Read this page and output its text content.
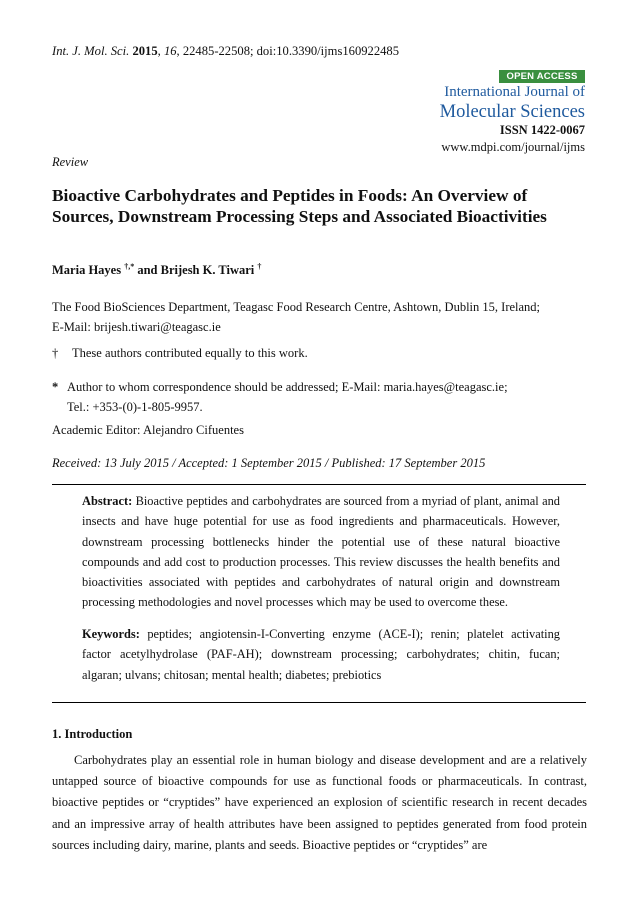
Int. J. Mol. Sci. 2015, 16, 22485-22508; doi:10.3390/ijms160922485
OPEN ACCESS
International Journal of
Molecular Sciences
ISSN 1422-0067
www.mdpi.com/journal/ijms
Review
Bioactive Carbohydrates and Peptides in Foods: An Overview of Sources, Downstream Processing Steps and Associated Bioactivities
Maria Hayes †,* and Brijesh K. Tiwari †
The Food BioSciences Department, Teagasc Food Research Centre, Ashtown, Dublin 15, Ireland;
E-Mail: brijesh.tiwari@teagasc.ie
† These authors contributed equally to this work.
* Author to whom correspondence should be addressed; E-Mail: maria.hayes@teagasc.ie;
Tel.: +353-(0)-1-805-9957.
Academic Editor: Alejandro Cifuentes
Received: 13 July 2015 / Accepted: 1 September 2015 / Published: 17 September 2015
Abstract: Bioactive peptides and carbohydrates are sourced from a myriad of plant, animal and insects and have huge potential for use as food ingredients and pharmaceuticals. However, downstream processing bottlenecks hinder the potential use of these natural bioactive compounds and add cost to production processes. This review discusses the health benefits and bioactivities associated with peptides and carbohydrates of natural origin and downstream processing methodologies and novel processes which may be used to overcome these.
Keywords: peptides; angiotensin-I-Converting enzyme (ACE-I); renin; platelet activating factor acetylhydrolase (PAF-AH); downstream processing; carbohydrates; chitin, fucan; algaran; ulvans; chitosan; mental health; diabetes; prebiotics
1. Introduction
Carbohydrates play an essential role in human biology and disease development and are a relatively untapped source of bioactive compounds for use as functional foods or pharmaceuticals. In contrast, bioactive peptides or “cryptides” have experienced an explosion of scientific research in recent decades and an impressive array of health attributes have been assigned to peptides generated from food protein sources including dairy, marine, plants and seeds. Bioactive peptides or “cryptides” are
